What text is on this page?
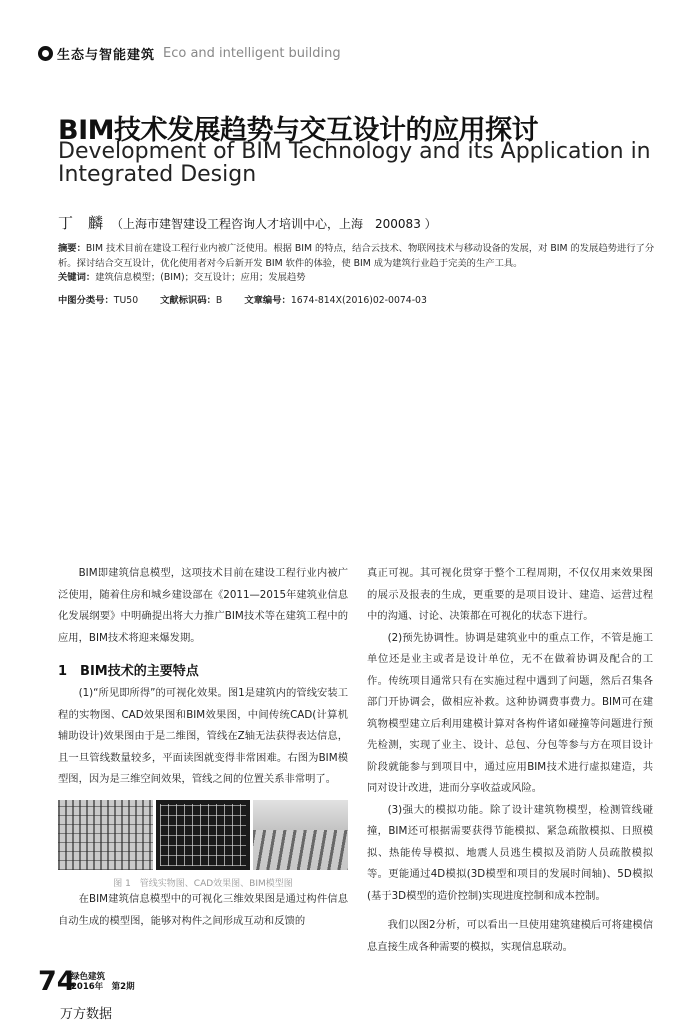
生态与智能建筑 Eco and intelligent building
BIM技术发展趋势与交互设计的应用探讨
Development of BIM Technology and its Application in Integrated Design
丁　麟 （上海市建智建设工程咨询人才培训中心，上海　200083 ）
摘要：BIM 技术目前在建设工程行业内被广泛使用。根据 BIM 的特点，结合云技术、物联网技术与移动设备的发展，对 BIM 的发展趋势进行了分析。探讨结合交互设计，优化使用者对今后新开发 BIM 软件的体验，使 BIM 成为建筑行业趋于完美的生产工具。
关键词：建筑信息模型；(BIM)；交互设计；应用；发展趋势
中图分类号：TU50 文献标识码：B 文章编号：1674-814X(2016)02-0074-03

BIM即建筑信息模型，这项技术目前在建设工程行业内被广泛使用，随着住房和城乡建设部在《2011—2015年建筑业信息化发展纲要》中明确提出将大力推广BIM技术等在建筑工程中的应用，BIM技术将迎来爆发期。

1　BIM技术的主要特点

(1)“所见即所得”的可视化效果。图1是建筑内的管线安装工程的实物图、CAD效果图和BIM效果图，中间传统CAD(计算机辅助设计)效果图由于是二维图，管线在Z轴无法获得表达信息，且一旦管线数量较多，平面读图就变得非常困难。右图为BIM模型图，因为是三维空间效果，管线之间的位置关系非常明了。

图 1　管线实物图、CAD效果图、BIM模型图

在BIM建筑信息模型中的可视化三维效果图是通过构件信息自动生成的模型图，能够对构件之间形成互动和反馈的

真正可视。其可视化贯穿于整个工程周期，不仅仅用来效果图的展示及报表的生成，更重要的是项目设计、建造、运营过程中的沟通、讨论、决策都在可视化的状态下进行。

(2)预先协调性。协调是建筑业中的重点工作，不管是施工单位还是业主或者是设计单位，无不在做着协调及配合的工作。传统项目通常只有在实施过程中遇到了问题，然后召集各部门开协调会，做相应补救。这种协调费事费力。BIM可在建筑物模型建立后利用建模计算对各构件诸如碰撞等问题进行预先检测，实现了业主、设计、总包、分包等参与方在项目设计阶段就能参与到项目中，通过应用BIM技术进行虚拟建造，共同对设计改进，进而分享收益或风险。

(3)强大的模拟功能。除了设计建筑物模型，检测管线碰撞，BIM还可根据需要获得节能模拟、紧急疏散模拟、日照模拟、热能传导模拟、地震人员逃生模拟及消防人员疏散模拟等。更能通过4D模拟(3D模型和项目的发展时间轴)、5D模拟(基于3D模型的造价控制)实现进度控制和成本控制。

我们以图2分析，可以看出一旦使用建筑建模后可将建模信息直接生成各种需要的模拟，实现信息联动。

74
绿色建筑
2016年　第2期
万方数据
